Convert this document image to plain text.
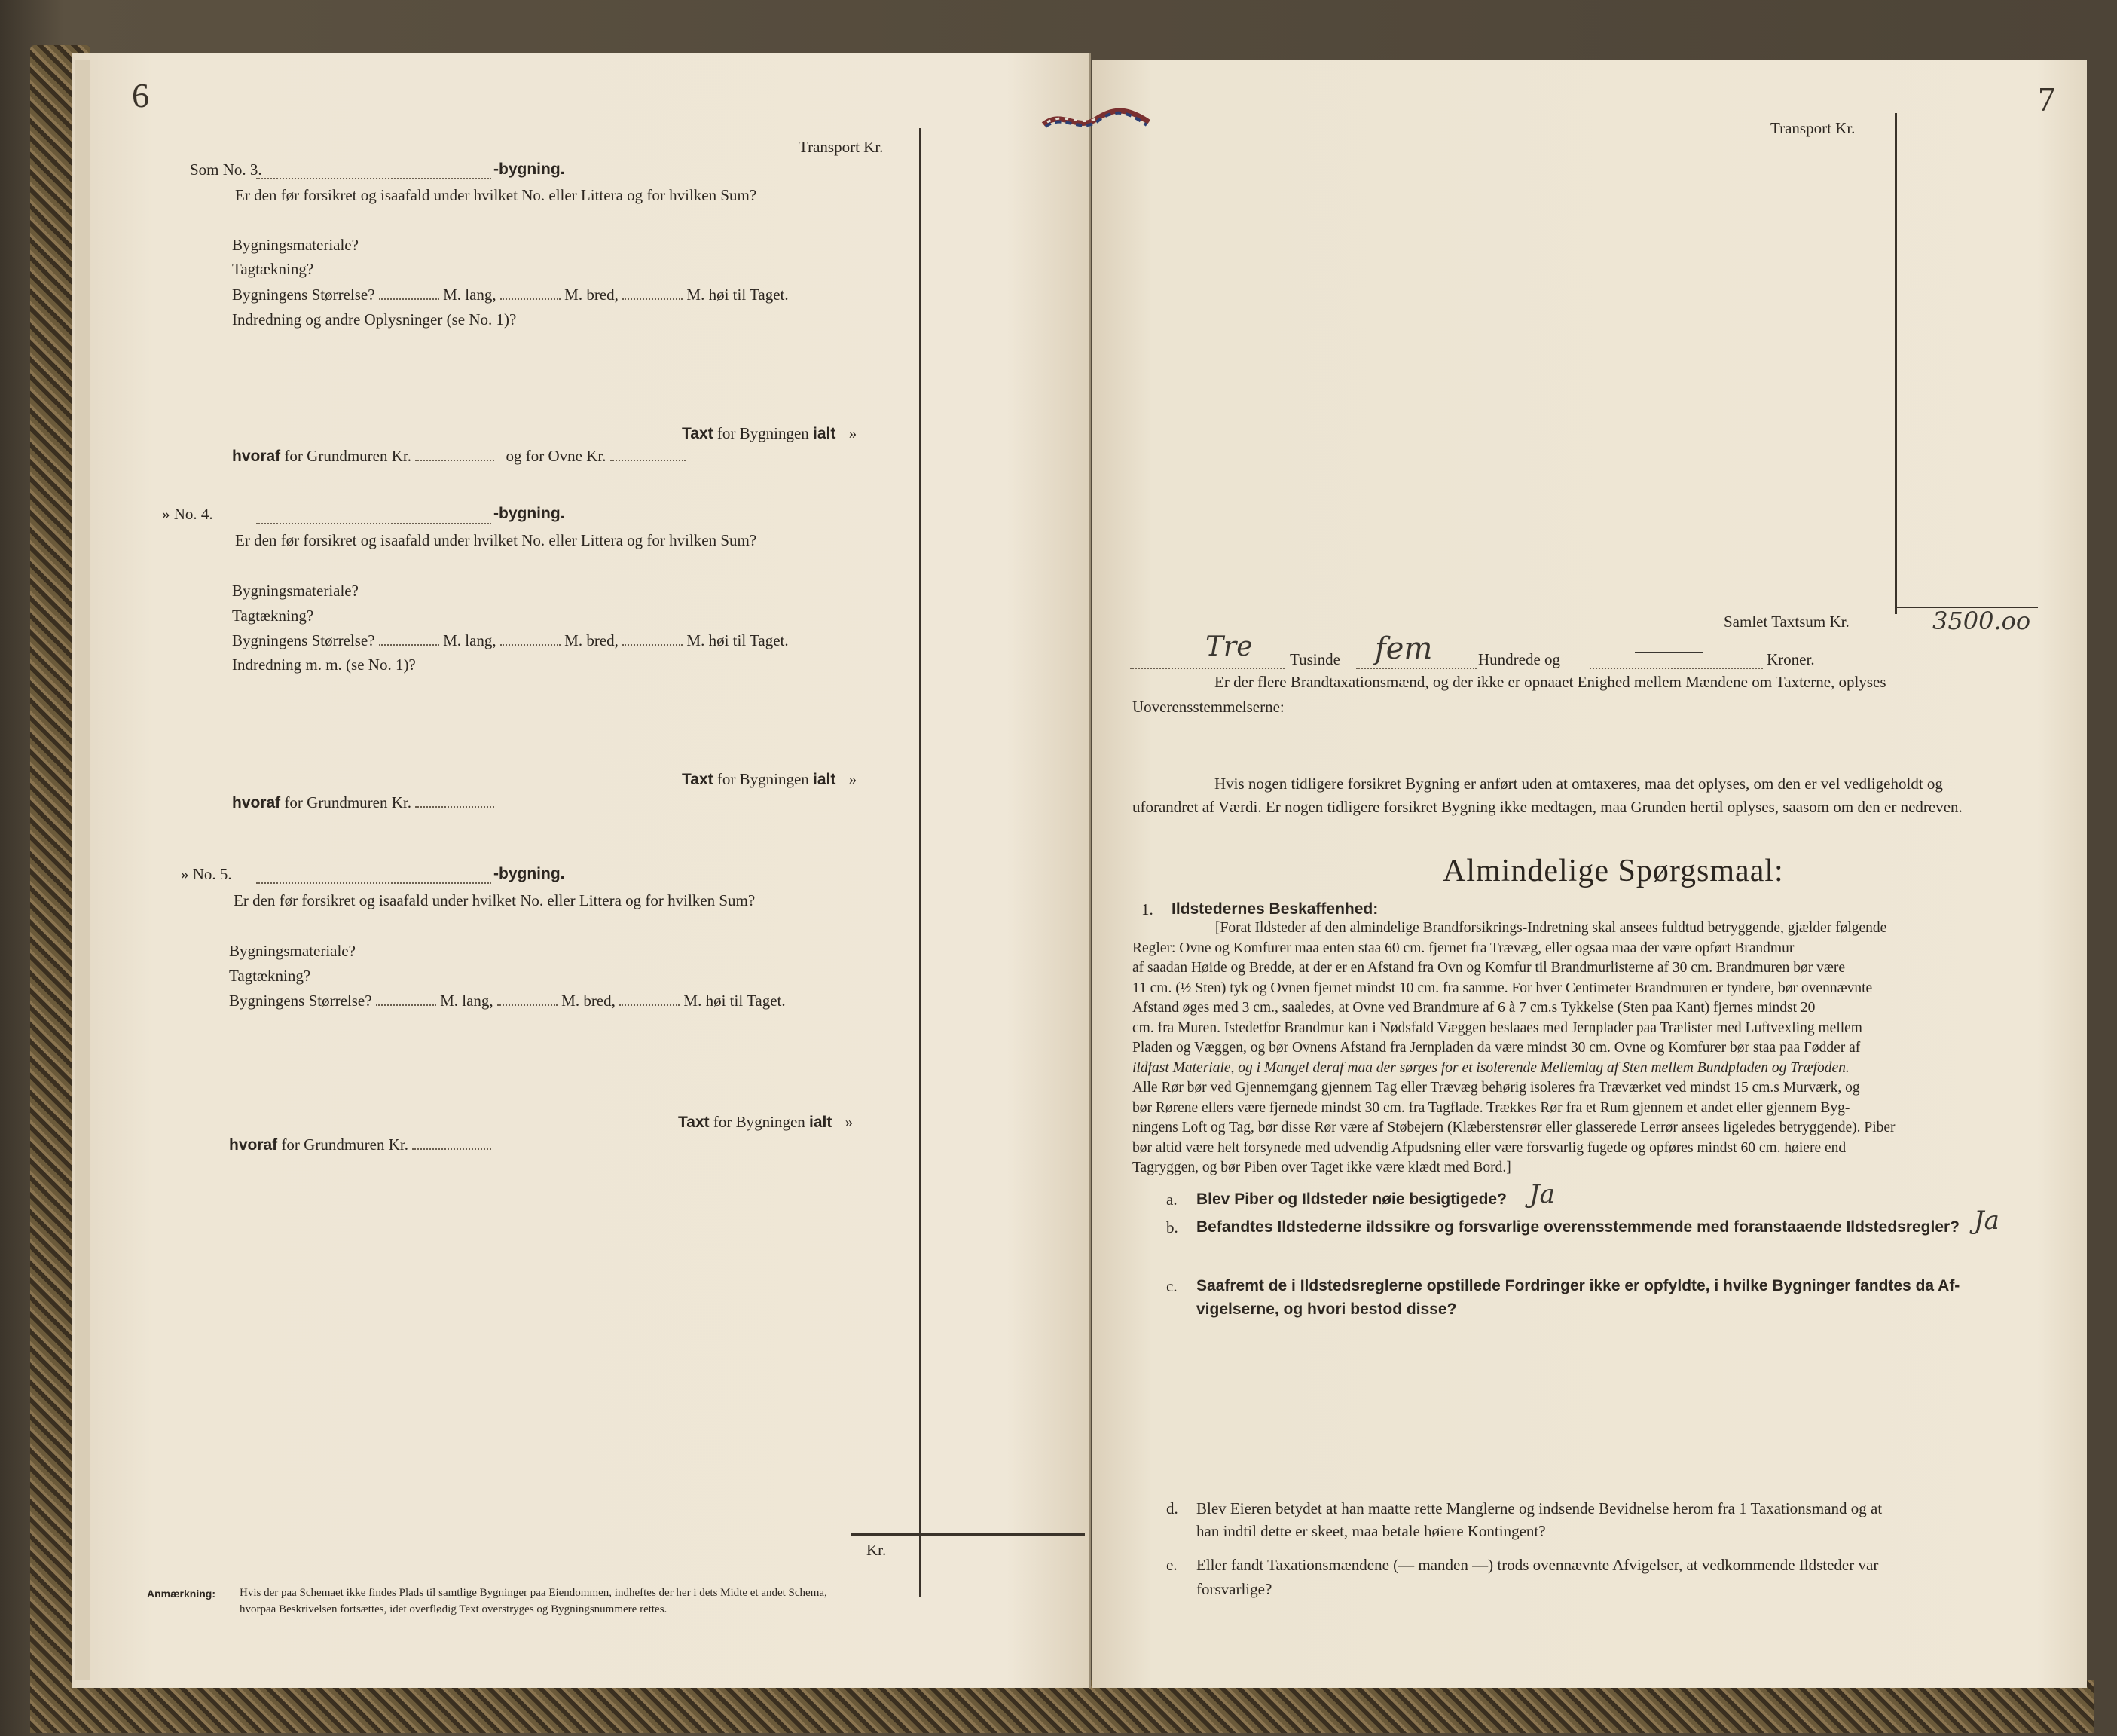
6
Transport Kr.
Kr.
Som No. 3.	-bygning.
Er den før forsikret og isaafald under hvilket No. eller Littera og for hvilken Sum?
Bygningsmateriale?
Tagtækning?
Bygningens Størrelse?	M. lang,	M. bred,	M. høi til Taget.
Indredning og andre Oplysninger (se No. 1)?
Taxt for Bygningen ialt »
hvoraf for Grundmuren Kr.	og for Ovne Kr.
» No. 4.	-bygning.
Er den før forsikret og isaafald under hvilket No. eller Littera og for hvilken Sum?
Bygningsmateriale?
Tagtækning?
Bygningens Størrelse?	M. lang,	M. bred,	M. høi til Taget.
Indredning m. m. (se No. 1)?
Taxt for Bygningen ialt »
hvoraf for Grundmuren Kr.
» No. 5.	-bygning.
Er den før forsikret og isaafald under hvilket No. eller Littera og for hvilken Sum?
Bygningsmateriale?
Tagtækning?
Bygningens Størrelse?	M. lang,	M. bred,	M. høi til Taget.
Taxt for Bygningen ialt »
hvoraf for Grundmuren Kr.
Anmærkning: Hvis der paa Schemaet ikke findes Plads til samtlige Bygninger paa Eiendommen, indheftes der her i dets Midte et andet Schema,
hvorpaa Beskrivelsen fortsættes, idet overflødig Text overstryges og Bygningsnummere rettes.
7
Transport Kr.
Samlet Taxtsum Kr.	3500.oo
Tre Tusinde fem	Hundrede og	Kroner.
Er der flere Brandtaxationsmænd, og der ikke er opnaaet Enighed mellem Mændene om Taxterne, oplyses
Uoverensstemmelserne:
Hvis nogen tidligere forsikret Bygning er anført uden at omtaxeres, maa det oplyses, om den er vel vedligeholdt og
uforandret af Værdi. Er nogen tidligere forsikret Bygning ikke medtagen, maa Grunden hertil oplyses, saasom om den er nedreven.
Almindelige Spørgsmaal:
1. Ildstedernes Beskaffenhed:
[Forat Ildsteder af den almindelige Brandforsikrings-Indretning skal ansees fuldtud betryggende, gjælder følgende
Regler: Ovne og Komfurer maa enten staa 60 cm. fjernet fra Trævæg, eller ogsaa maa der være opført Brandmur
af saadan Høide og Bredde, at der er en Afstand fra Ovn og Komfur til Brandmurlisterne af 30 cm. Brandmuren bør være
11 cm. (½ Sten) tyk og Ovnen fjernet mindst 10 cm. fra samme. For hver Centimeter Brandmuren er tyndere, bør ovennævnte
Afstand øges med 3 cm., saaledes, at Ovne ved Brandmure af 6 à 7 cm.s Tykkelse (Sten paa Kant) fjernes mindst 20
cm. fra Muren. Istedetfor Brandmur kan i Nødsfald Væggen beslaaes med Jernplader paa Trælister med Luftvexling mellem
Pladen og Væggen, og bør Ovnens Afstand fra Jernpladen da være mindst 30 cm. Ovne og Komfurer bør staa paa Fødder af
ildfast Materiale, og i Mangel deraf maa der sørges for et isolerende Mellemlag af Sten mellem Bundpladen og Træfoden.
Alle Rør bør ved Gjennemgang gjennem Tag eller Trævæg behørig isoleres fra Træværket ved mindst 15 cm.s Murværk, og
bør Rørene ellers være fjernede mindst 30 cm. fra Tagflade. Trækkes Rør fra et Rum gjennem et andet eller gjennem Byg-
ningens Loft og Tag, bør disse Rør være af Støbejern (Klæberstensrør eller glasserede Lerrør ansees ligeledes betryggende). Piber
bør altid være helt forsynede med udvendig Afpudsning eller være forsvarlig fugede og opføres mindst 60 cm. høiere end
Tagryggen, og bør Piben over Taget ikke være klædt med Bord.]
a. Blev Piber og Ildsteder nøie besigtigede? Ja
b. Befandtes Ildstederne ildssikre og forsvarlige overensstemmende med foranstaaende Ildstedsregler? Ja
c. Saafremt de i Ildstedsreglerne opstillede Fordringer ikke er opfyldte, i hvilke Bygninger fandtes da Af-
vigelserne, og hvori bestod disse?
d. Blev Eieren betydet at han maatte rette Manglerne og indsende Bevidnelse herom fra 1 Taxationsmand og at
han indtil dette er skeet, maa betale høiere Kontingent?
e. Eller fandt Taxationsmændene (— manden —) trods ovennævnte Afvigelser, at vedkommende Ildsteder var
forsvarlige?
